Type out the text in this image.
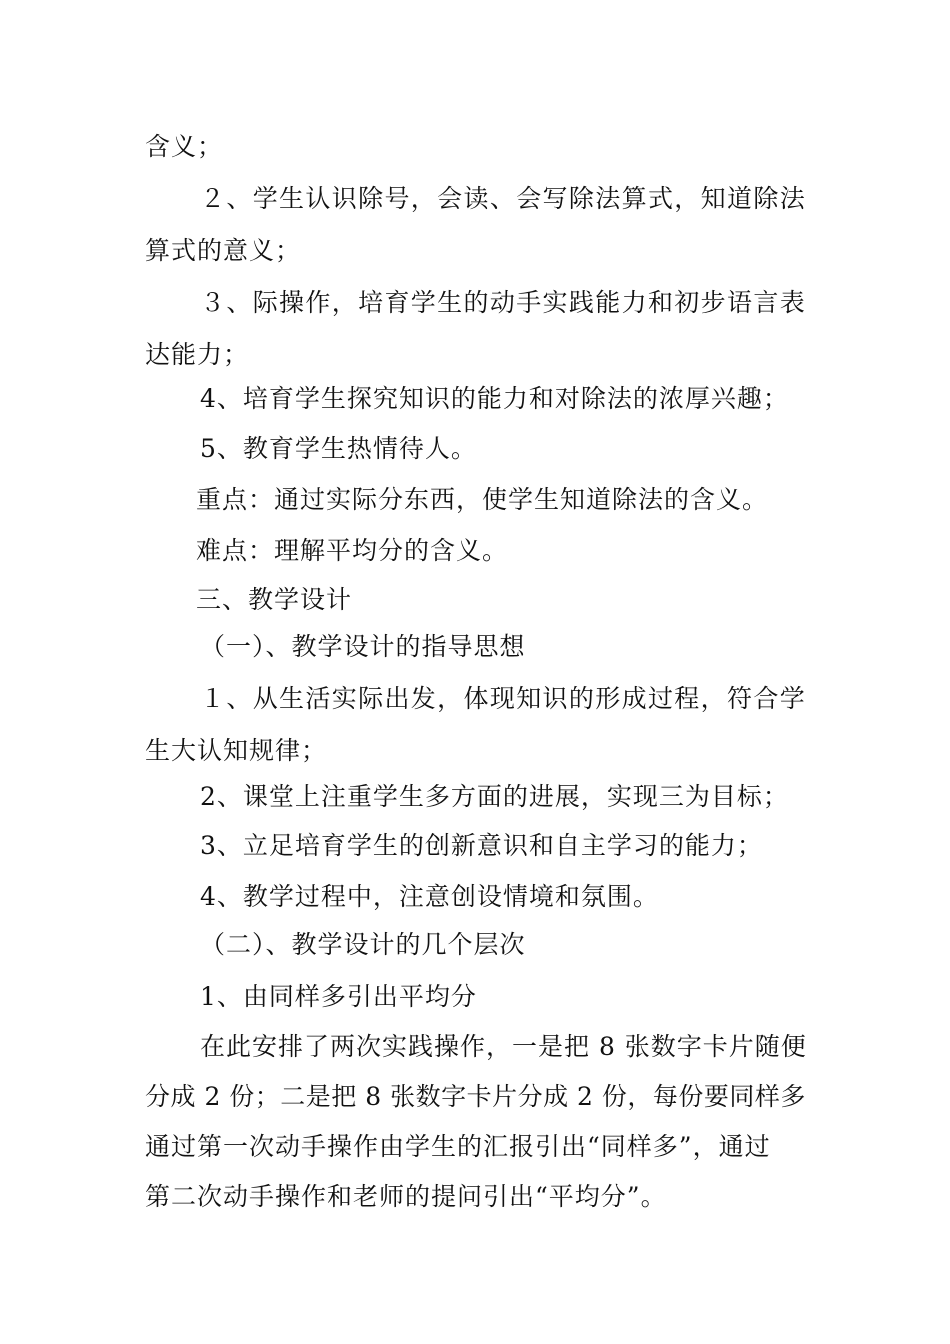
含义；
２、学生认识除号，会读、会写除法算式，知道除法
算式的意义；
３、际操作，培育学生的动手实践能力和初步语言表
达能力；
4、培育学生探究知识的能力和对除法的浓厚兴趣；
5、教育学生热情待人。
重点：通过实际分东西，使学生知道除法的含义。
难点：理解平均分的含义。
三、教学设计
（一）、教学设计的指导思想
１、从生活实际出发，体现知识的形成过程，符合学
生大认知规律；
2、课堂上注重学生多方面的进展，实现三为目标；
3、立足培育学生的创新意识和自主学习的能力；
4、教学过程中，注意创设情境和氛围。
（二）、教学设计的几个层次
1、由同样多引出平均分
在此安排了两次实践操作，一是把 8 张数字卡片随便
分成 2 份；二是把 8 张数字卡片分成 2 份，每份要同样多
通过第一次动手操作由学生的汇报引出“同样多”，通过
第二次动手操作和老师的提问引出“平均分”。
